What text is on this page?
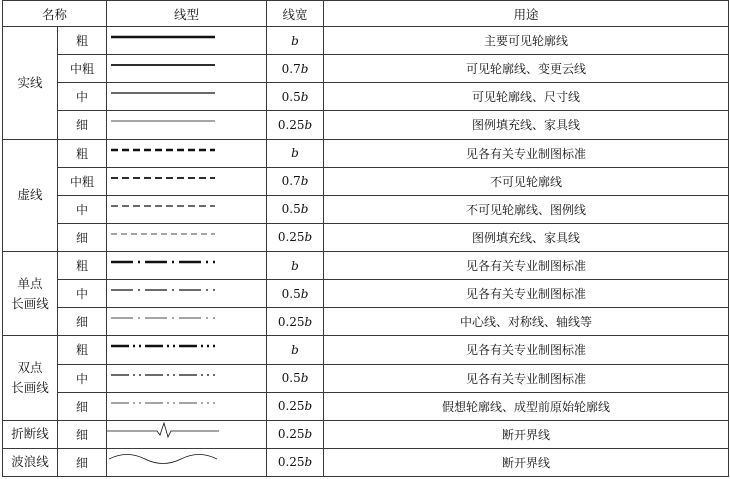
名称		线型	线宽	用途

实线	粗		b	主要可见轮廓线
	中粗		0.7b	可见轮廓线、变更云线
	中		0.5b	可见轮廓线、尺寸线
	细		0.25b	图例填充线、家具线

虚线	粗		b	见各有关专业制图标准
	中粗		0.7b	不可见轮廓线
	中		0.5b	不可见轮廓线、图例线
	细		0.25b	图例填充线、家具线

单点
长画线	粗		b	见各有关专业制图标准
	中		0.5b	见各有关专业制图标准
	细		0.25b	中心线、对称线、轴线等

双点
长画线	粗		b	见各有关专业制图标准
	中		0.5b	见各有关专业制图标准
	细		0.25b	假想轮廓线、成型前原始轮廓线

折断线	细		0.25b	断开界线

波浪线	细		0.25b	断开界线
